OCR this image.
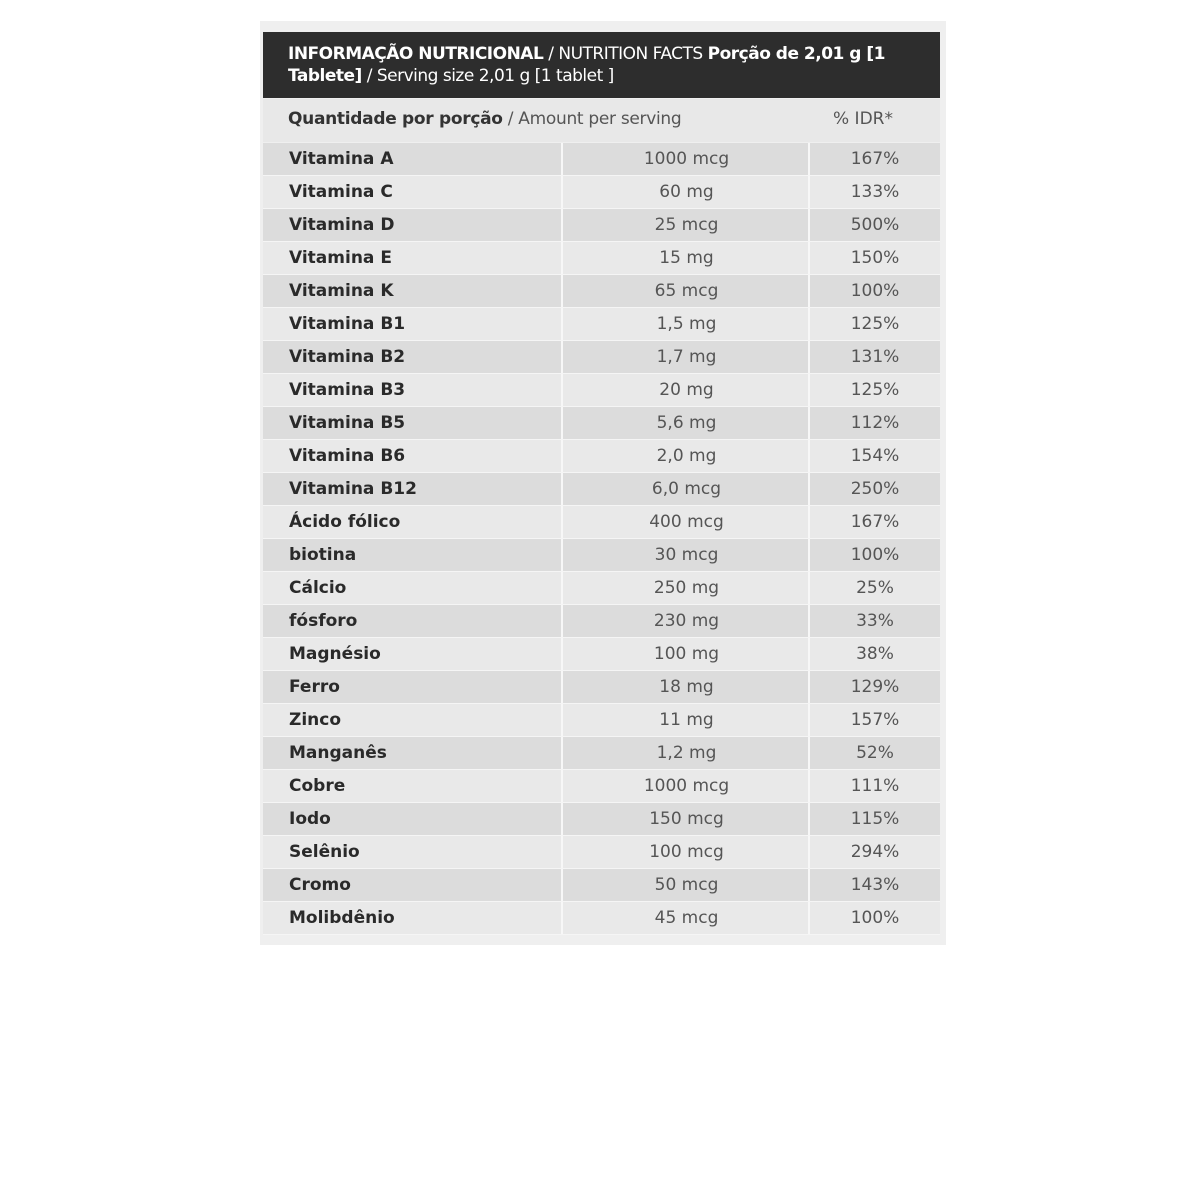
INFORMAÇÃO NUTRICIONAL / NUTRITION FACTS Porção de 2,01 g [1 Tablete] / Serving size 2,01 g [1 tablet ]
Quantidade por porção / Amount per serving	% IDR*
Vitamina A	1000 mcg	167%
Vitamina C	60 mg	133%
Vitamina D	25 mcg	500%
Vitamina E	15 mg	150%
Vitamina K	65 mcg	100%
Vitamina B1	1,5 mg	125%
Vitamina B2	1,7 mg	131%
Vitamina B3	20 mg	125%
Vitamina B5	5,6 mg	112%
Vitamina B6	2,0 mg	154%
Vitamina B12	6,0 mcg	250%
Ácido fólico	400 mcg	167%
biotina	30 mcg	100%
Cálcio	250 mg	25%
fósforo	230 mg	33%
Magnésio	100 mg	38%
Ferro	18 mg	129%
Zinco	11 mg	157%
Manganês	1,2 mg	52%
Cobre	1000 mcg	111%
Iodo	150 mcg	115%
Selênio	100 mcg	294%
Cromo	50 mcg	143%
Molibdênio	45 mcg	100%
